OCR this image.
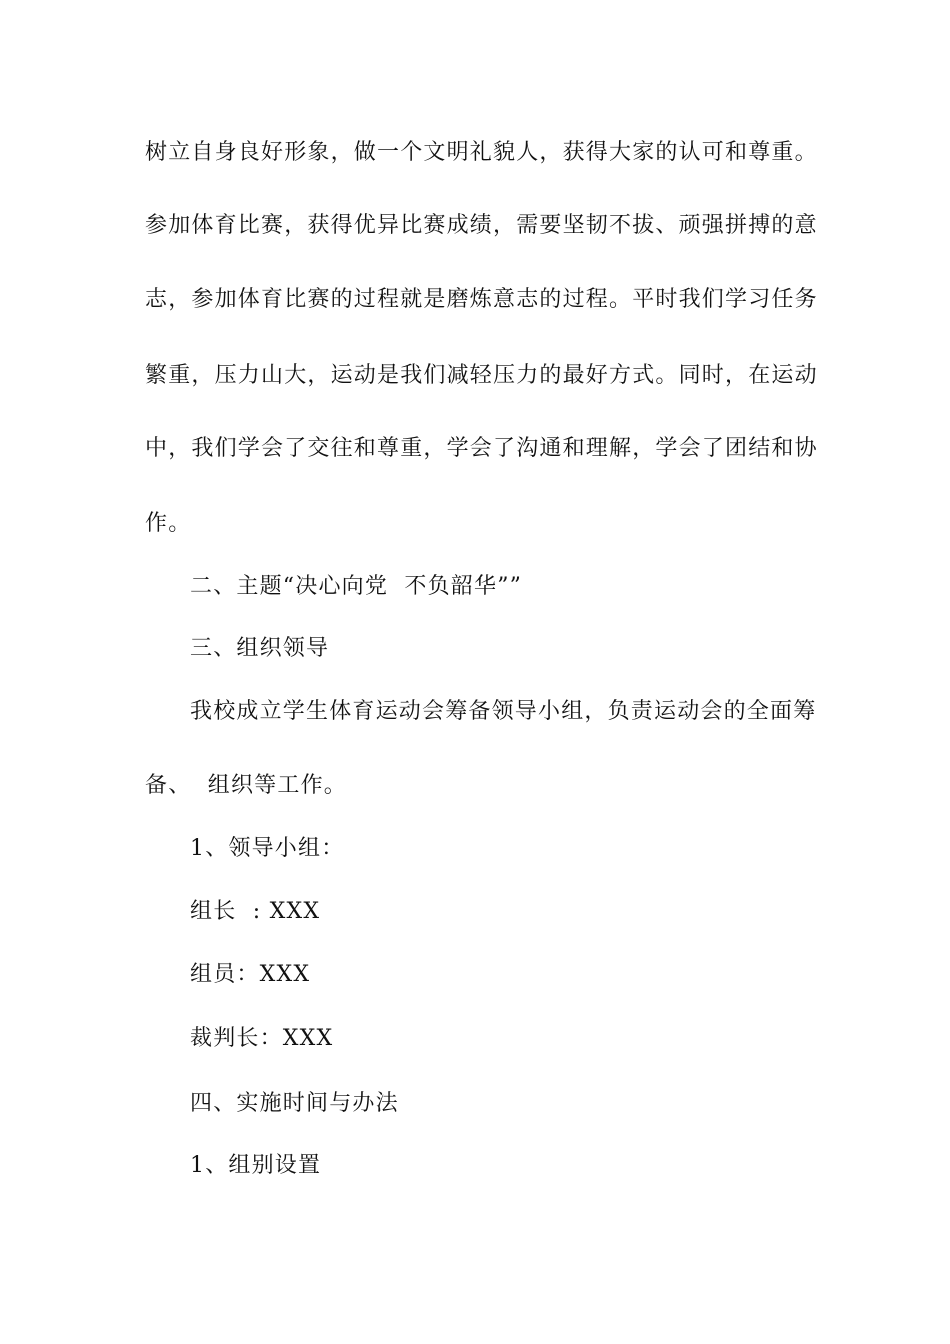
树立自身良好形象，做一个文明礼貌人，获得大家的认可和尊重。
参加体育比赛，获得优异比赛成绩，需要坚韧不拔、顽强拼搏的意
志，参加体育比赛的过程就是磨炼意志的过程。平时我们学习任务
繁重，压力山大，运动是我们减轻压力的最好方式。同时，在运动
中，我们学会了交往和尊重，学会了沟通和理解，学会了团结和协
作。
二、主题“决心向党  不负韶华””
三、组织领导
我校成立学生体育运动会筹备领导小组，负责运动会的全面筹
备、  组织等工作。
1、领导小组：
组长  : XXX
组员：XXX
裁判长：XXX
四、实施时间与办法
1、组别设置
